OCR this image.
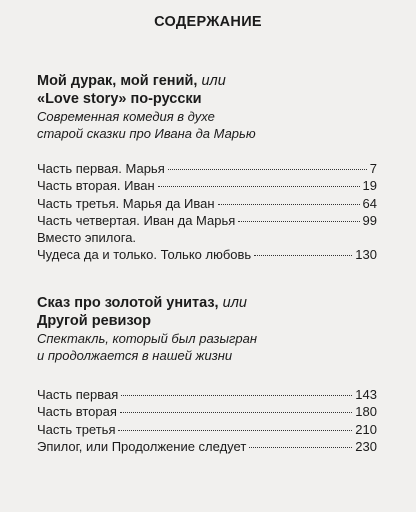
СОДЕРЖАНИЕ
Мой дурак, мой гений, или
«Love story» по-русски
Современная комедия в духе
старой сказки про Ивана да Марью
Часть первая. Марья	7
Часть вторая. Иван	19
Часть третья. Марья да Иван	64
Часть четвертая. Иван да Марья	99
Вместо эпилога.
Чудеса да и только. Только любовь	130
Сказ про золотой унитаз, или
Другой ревизор
Спектакль, который был разыгран
и продолжается в нашей жизни
Часть первая	143
Часть вторая	180
Часть третья	210
Эпилог, или Продолжение следует	230
